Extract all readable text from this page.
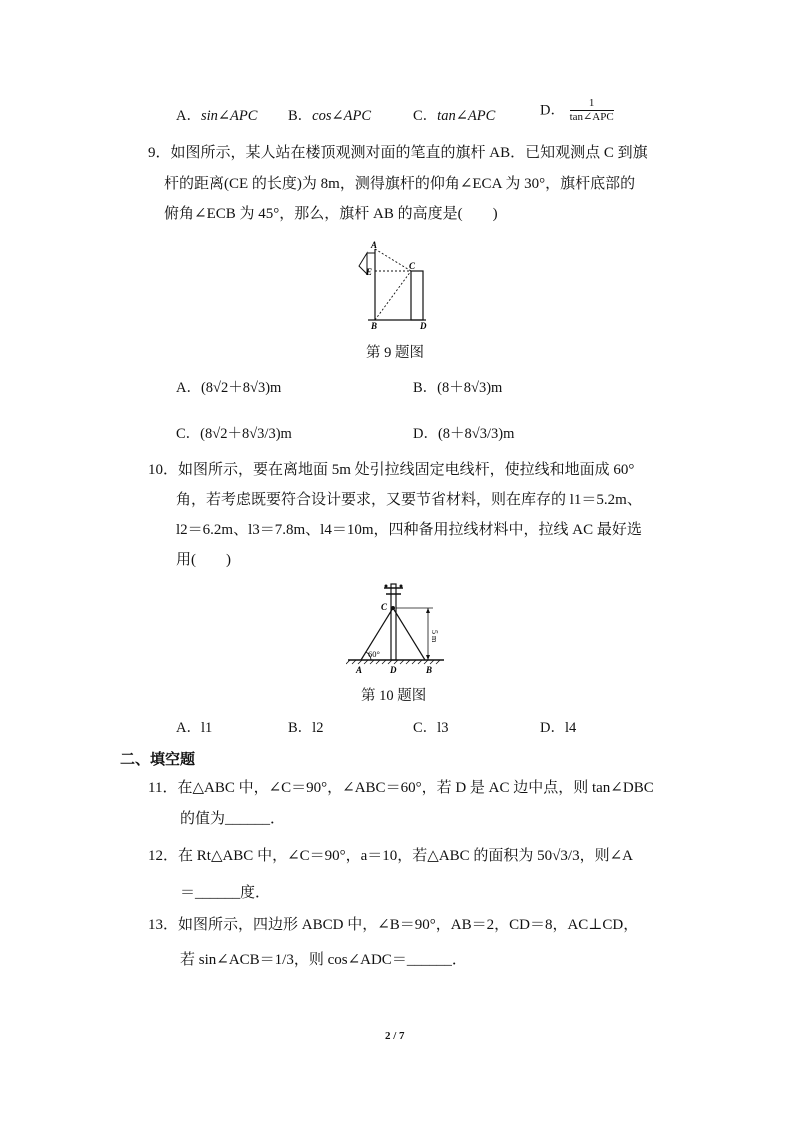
A．sin∠APC B．cos∠APC	C．tan∠APC	D． $\frac{1}{\text{tan∠APC}}$
9．如图所示，某人站在楼顶观测对面的笔直的旗杆 AB．已知观测点 C 到旗
杆的距离(CE 的长度)为 8m，测得旗杆的仰角∠ECA 为 30°，旗杆底部的
俯角∠ECB 为 45°，那么，旗杆 AB 的高度是(　　)
A
E
C
B	D
第 9 题图
A．(8√2＋8√3)m	B．(8＋8√3)m
C．(8√2＋8√3/3)m	D．(8＋8√3/3)m
10．如图所示，要在离地面 5m 处引拉线固定电线杆，使拉线和地面成 60°
角，若考虑既要符合设计要求，又要节省材料，则在库存的 l1＝5.2m、
l2＝6.2m、l3＝7.8m、l4＝10m，四种备用拉线材料中，拉线 AC 最好选
用(　　)
5 m
60°
C
A	D	B
第 10 题图
A．l1	B．l2	C．l3	D．l4
二、填空题
11．在△ABC 中，∠C＝90°，∠ABC＝60°，若 D 是 AC 边中点，则 tan∠DBC
的值为______．
12．在 Rt△ABC 中，∠C＝90°，a＝10，若△ABC 的面积为 50√3/3，则∠A
＝______度．
13．如图所示，四边形 ABCD 中，∠B＝90°，AB＝2，CD＝8，AC⊥CD，
若 sin∠ACB＝1/3，则 cos∠ADC＝______．
2 / 7
